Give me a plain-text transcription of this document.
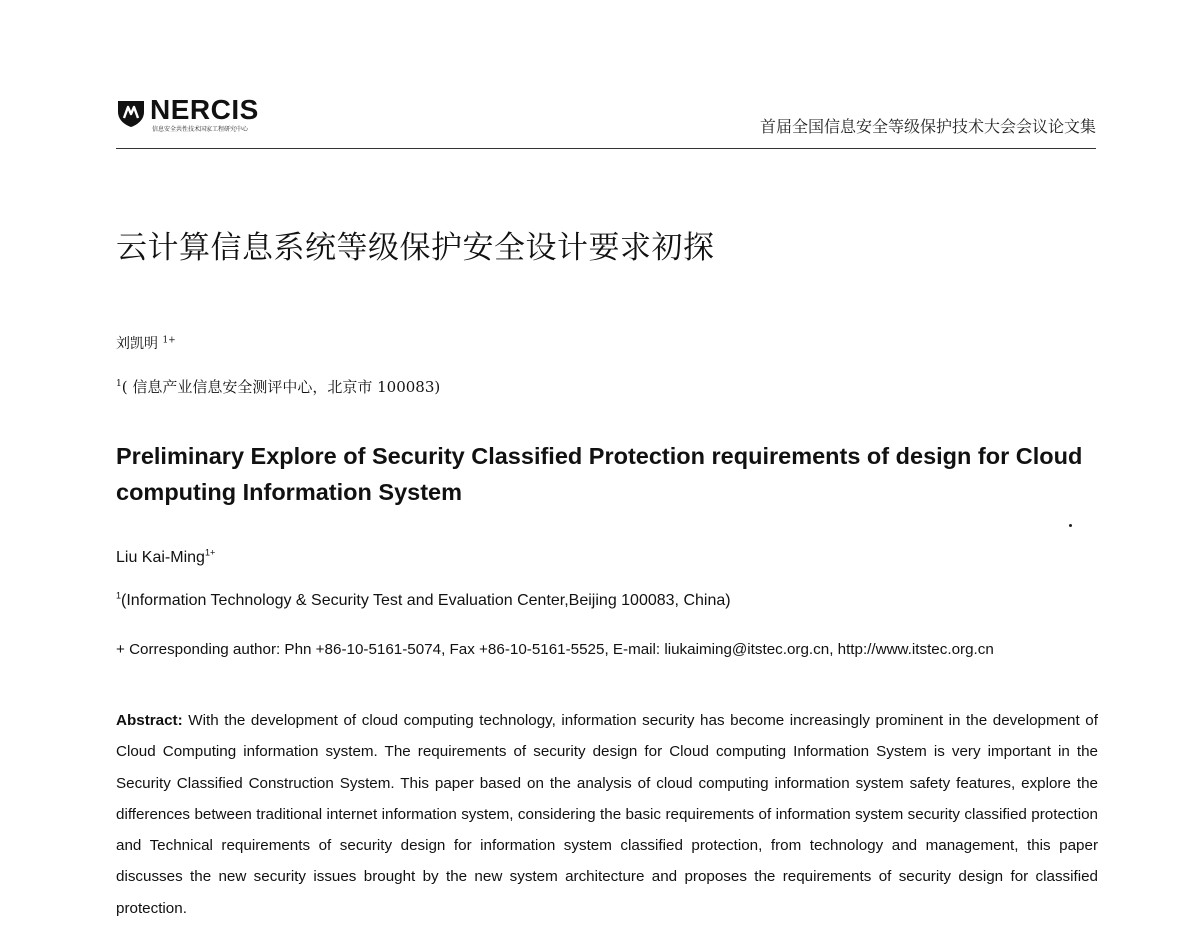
NERCIS
信息安全共性技术国家工程研究中心	首届全国信息安全等级保护技术大会会议论文集
云计算信息系统等级保护安全设计要求初探
刘凯明 $^{1+}$
$^1$( 信息产业信息安全测评中心，北京市 100083)
Preliminary Explore of Security Classified Protection requirements of design for Cloud computing Information System
Liu Kai-Ming$^{1+}$
$^1$(Information Technology & Security Test and Evaluation Center,Beijing 100083, China)
+ Corresponding author: Phn +86-10-5161-5074, Fax +86-10-5161-5525, E-mail: liukaiming@itstec.org.cn, http://www.itstec.org.cn
Abstract: With the development of cloud computing technology, information security has become increasingly prominent in the development of Cloud Computing information system. The requirements of security design for Cloud computing Information System is very important in the Security Classified Construction System. This paper based on the analysis of cloud computing information system safety features, explore the differences between traditional internet information system, considering the basic requirements of information system security classified protection and Technical requirements of security design for information system classified protection, from technology and management, this paper discusses the new security issues brought by the new system architecture and proposes the requirements of security design for classified protection.
